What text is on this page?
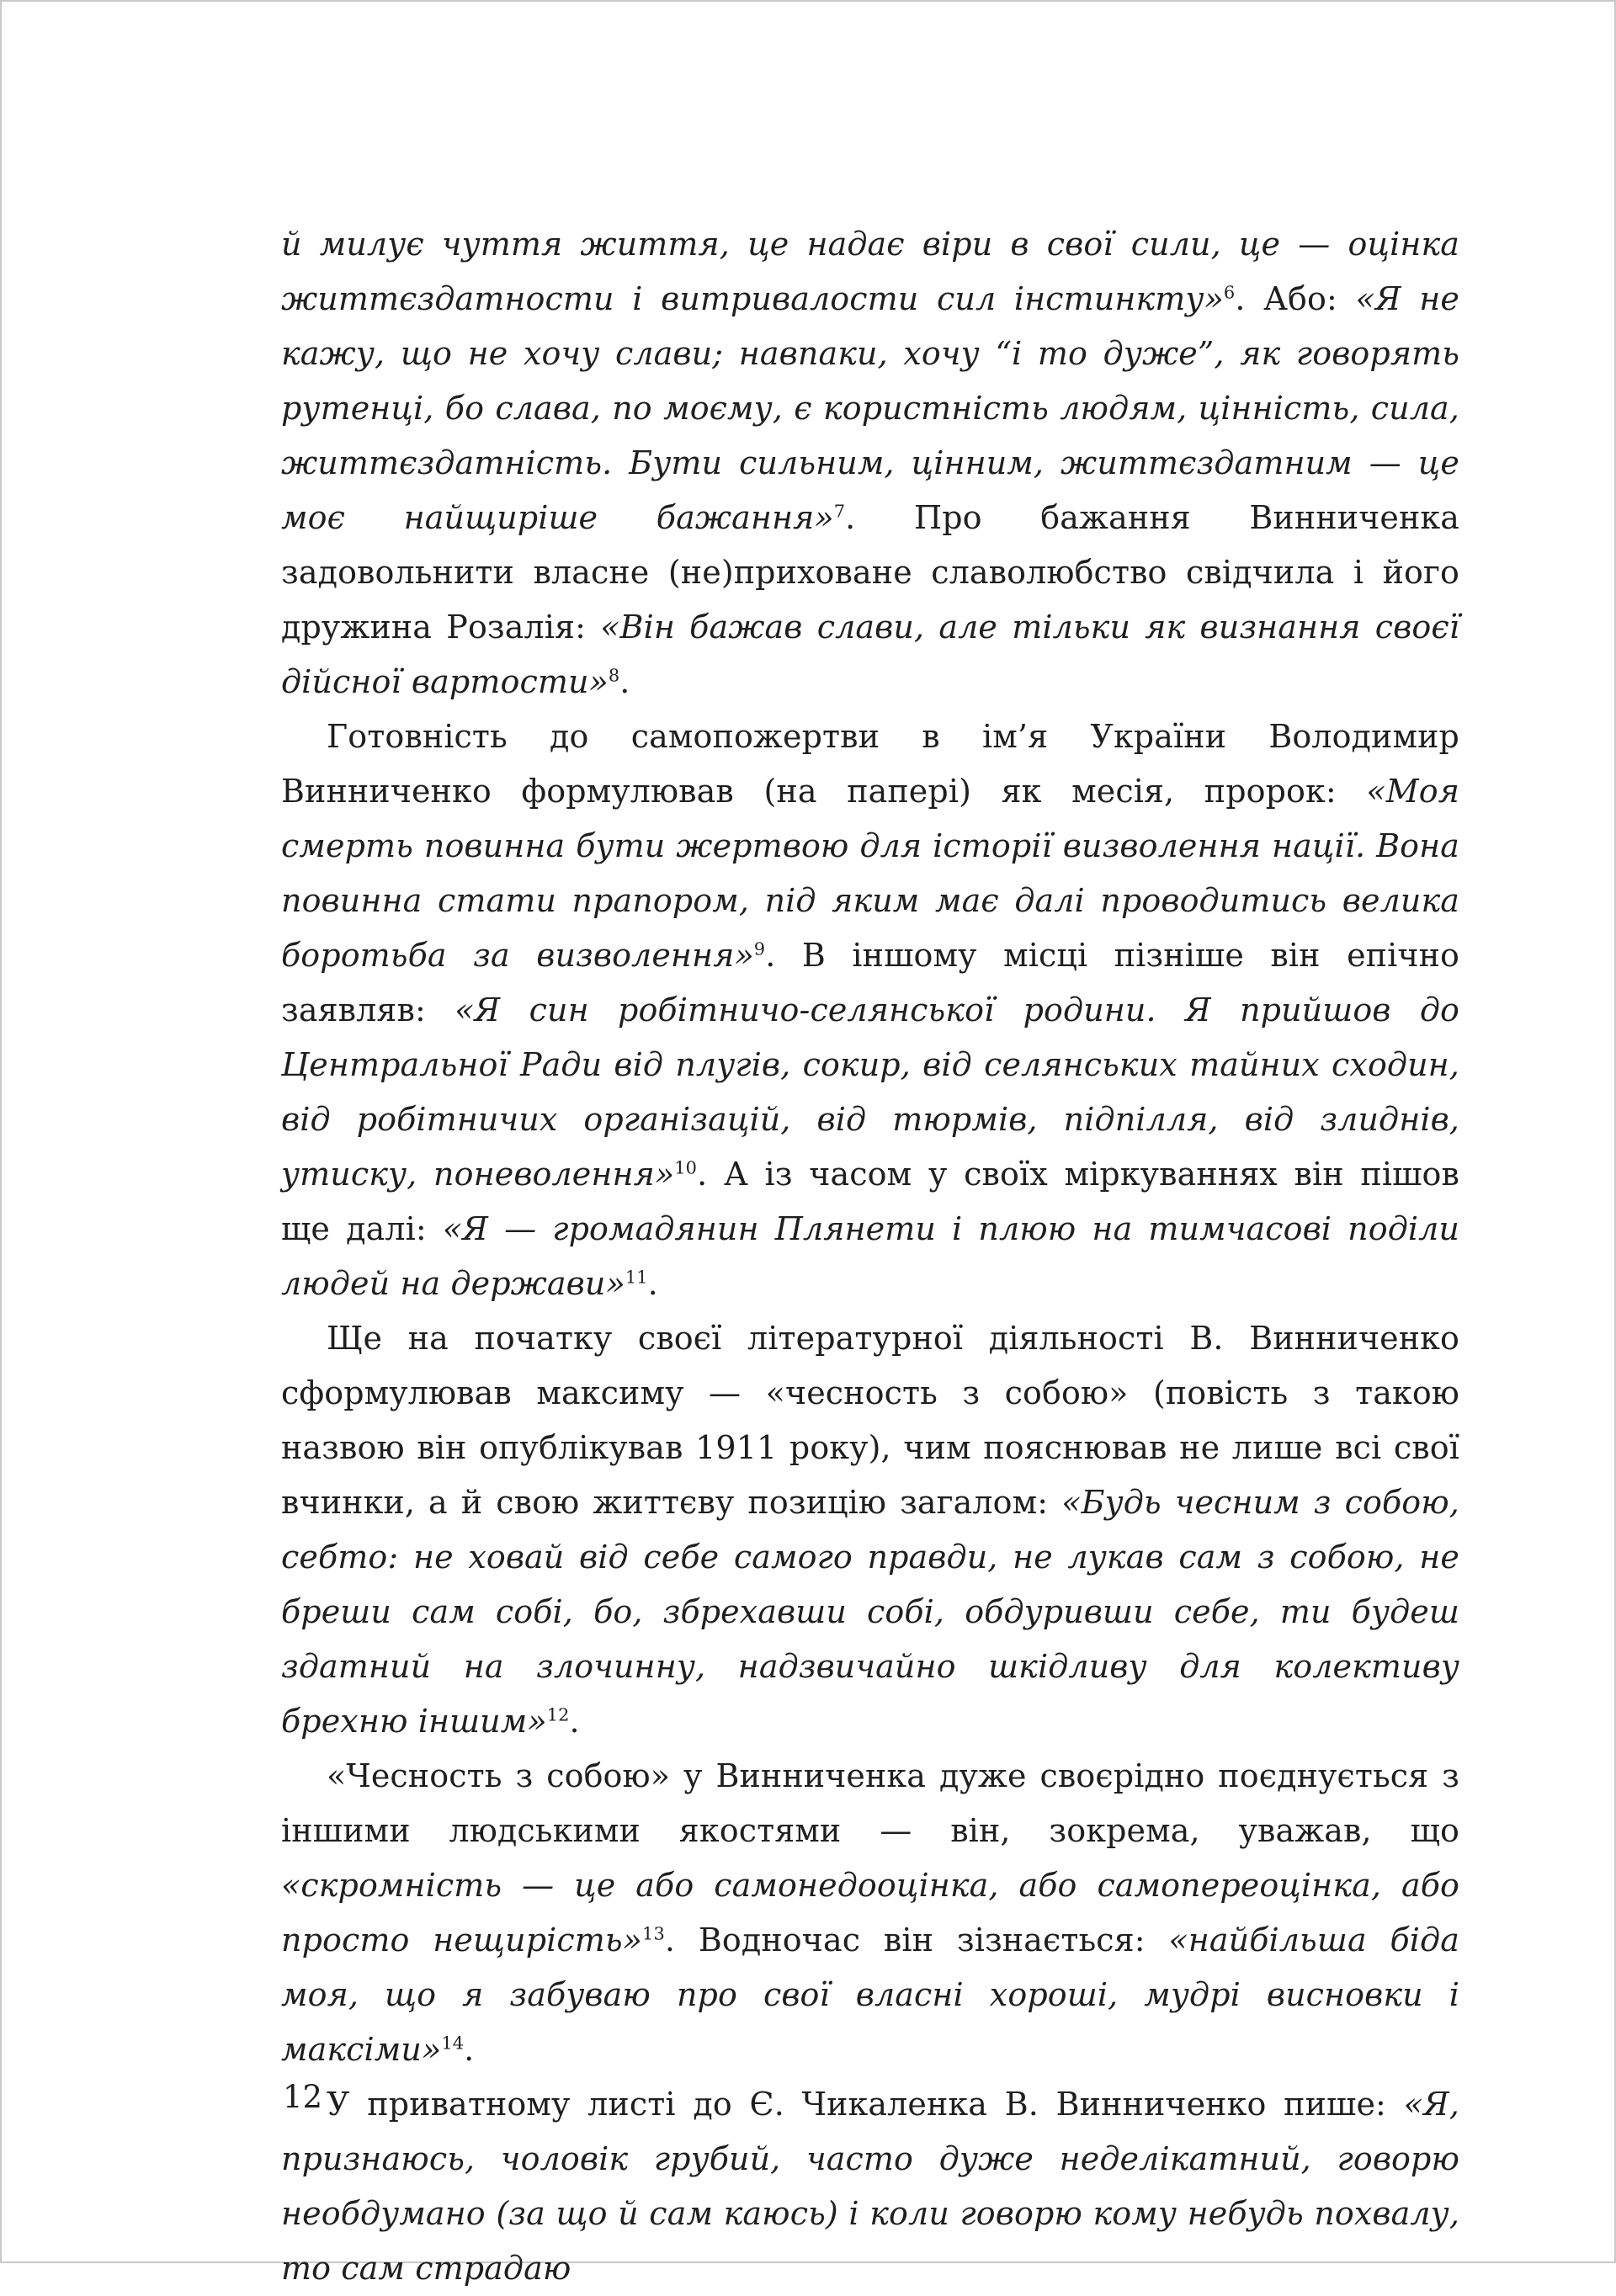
й милує чуття життя, це надає віри в свої сили, це — оцінка життєздатности і витривалости сил інстинкту»$^6$. Або: «Я не кажу, що не хочу слави; навпаки, хочу “і то дуже”, як говорять рутенці, бо слава, по моєму, є користність людям, цінність, сила, життєздатність. Бути сильним, цінним, життєздатним — це моє найщиріше бажання»$^7$. Про бажання Винниченка задовольнити власне (не)приховане славолюбство свідчила і його дружина Розалія: «Він бажав слави, але тільки як визнання своєї дійсної вартости»$^8$.

Готовність до самопожертви в ім’я України Володимир Винниченко формулював (на папері) як месія, пророк: «Моя смерть повинна бути жертвою для історії визволення нації. Вона повинна стати прапором, під яким має далі проводитись велика боротьба за визволення»$^9$. В іншому місці пізніше він епічно заявляв: «Я син робітничо-селянської родини. Я прийшов до Центральної Ради від плугів, сокир, від селянських тайних сходин, від робітничих організацій, від тюрмів, підпілля, від злиднів, утиску, поневолення»$^{10}$. А із часом у своїх міркуваннях він пішов ще далі: «Я — громадянин Плянети і плюю на тимчасові поділи людей на держави»$^{11}$.

Ще на початку своєї літературної діяльності В. Винниченко сформулював максиму — «чесность з собою» (повість з такою назвою він опублікував 1911 року), чим пояснював не лише всі свої вчинки, а й свою життєву позицію загалом: «Будь чесним з собою, себто: не ховай від себе самого правди, не лукав сам з собою, не бреши сам собі, бо, збрехавши собі, обдуривши себе, ти будеш здатний на злочинну, надзвичайно шкідливу для колективу брехню іншим»$^{12}$.

«Чесность з собою» у Винниченка дуже своєрідно поєднується з іншими людськими якостями — він, зокрема, уважав, що «скромність — це або самонедооцінка, або самопереоцінка, або просто нещирість»$^{13}$. Водночас він зізнається: «найбільша біда моя, що я забуваю про свої власні хороші, мудрі висновки і максіми»$^{14}$.

У приватному листі до Є. Чикаленка В. Винниченко пише: «Я, признаюсь, чоловік грубий, часто дуже неделікатний, говорю необдумано (за що й сам каюсь) і коли говорю кому небудь похвалу, то сам страдаю

12
